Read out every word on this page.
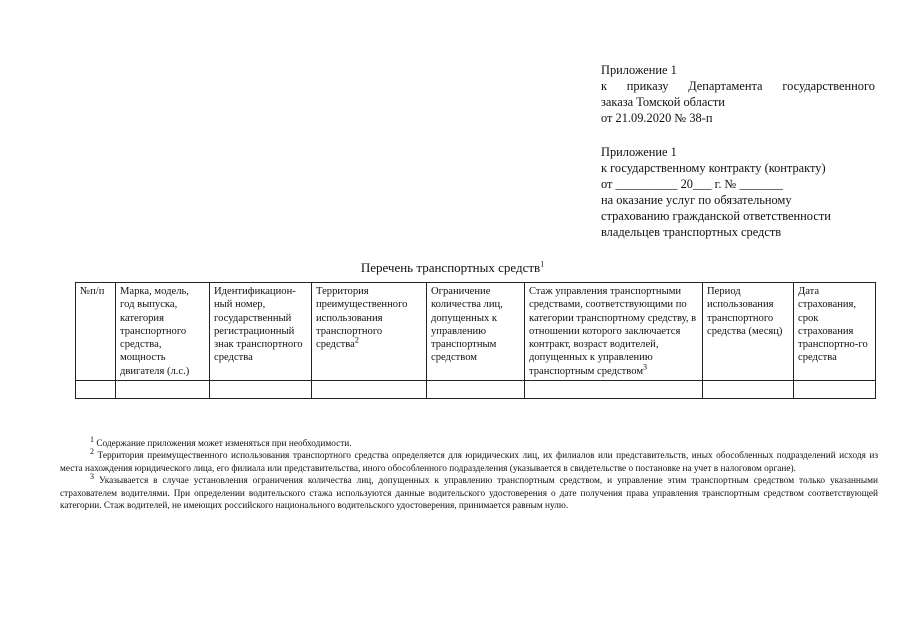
Приложение 1
к приказу Департамента государственного
заказа Томской области
от 21.09.2020 № 38-п
Приложение 1
к государственному контракту (контракту)
от __________ 20___ г. № _______
на оказание услуг по обязательному
страхованию гражданской ответственности
владельцев транспортных средств
Перечень транспортных средств$^1$
№п/п	Марка, модель, год выпуска, категория транспортного средства, мощность двигателя (л.с.)	Идентификацион-ный номер, государственный регистрационный знак транспортного средства	Территория преимущественного использования транспортного средства$^2$	Ограничение количества лиц, допущенных к управлению транспортным средством	Стаж управления транспортными средствами, соответствующими по категории транспортному средству, в отношении которого заключается контракт, возраст водителей, допущенных к управлению транспортным средством$^3$	Период использования транспортного средства (месяц)	Дата страхования, срок страхования транспортно-го средства

$^1$ Содержание приложения может изменяться при необходимости.

$^2$ Территория преимущественного использования транспортного средства определяется для юридических лиц, их филиалов или представительств, иных обособленных подразделений исходя из места нахождения юридического лица, его филиала или представительства, иного обособленного подразделения (указывается в свидетельстве о постановке на учет в налоговом органе).

$^3$ Указывается в случае установления ограничения количества лиц, допущенных к управлению транспортным средством, и управление этим транспортным средством только указанными страхователем водителями. При определении водительского стажа используются данные водительского удостоверения о дате получения права управления транспортным средством соответствующей категории. Стаж водителей, не имеющих российского национального водительского удостоверения, принимается равным нулю.
